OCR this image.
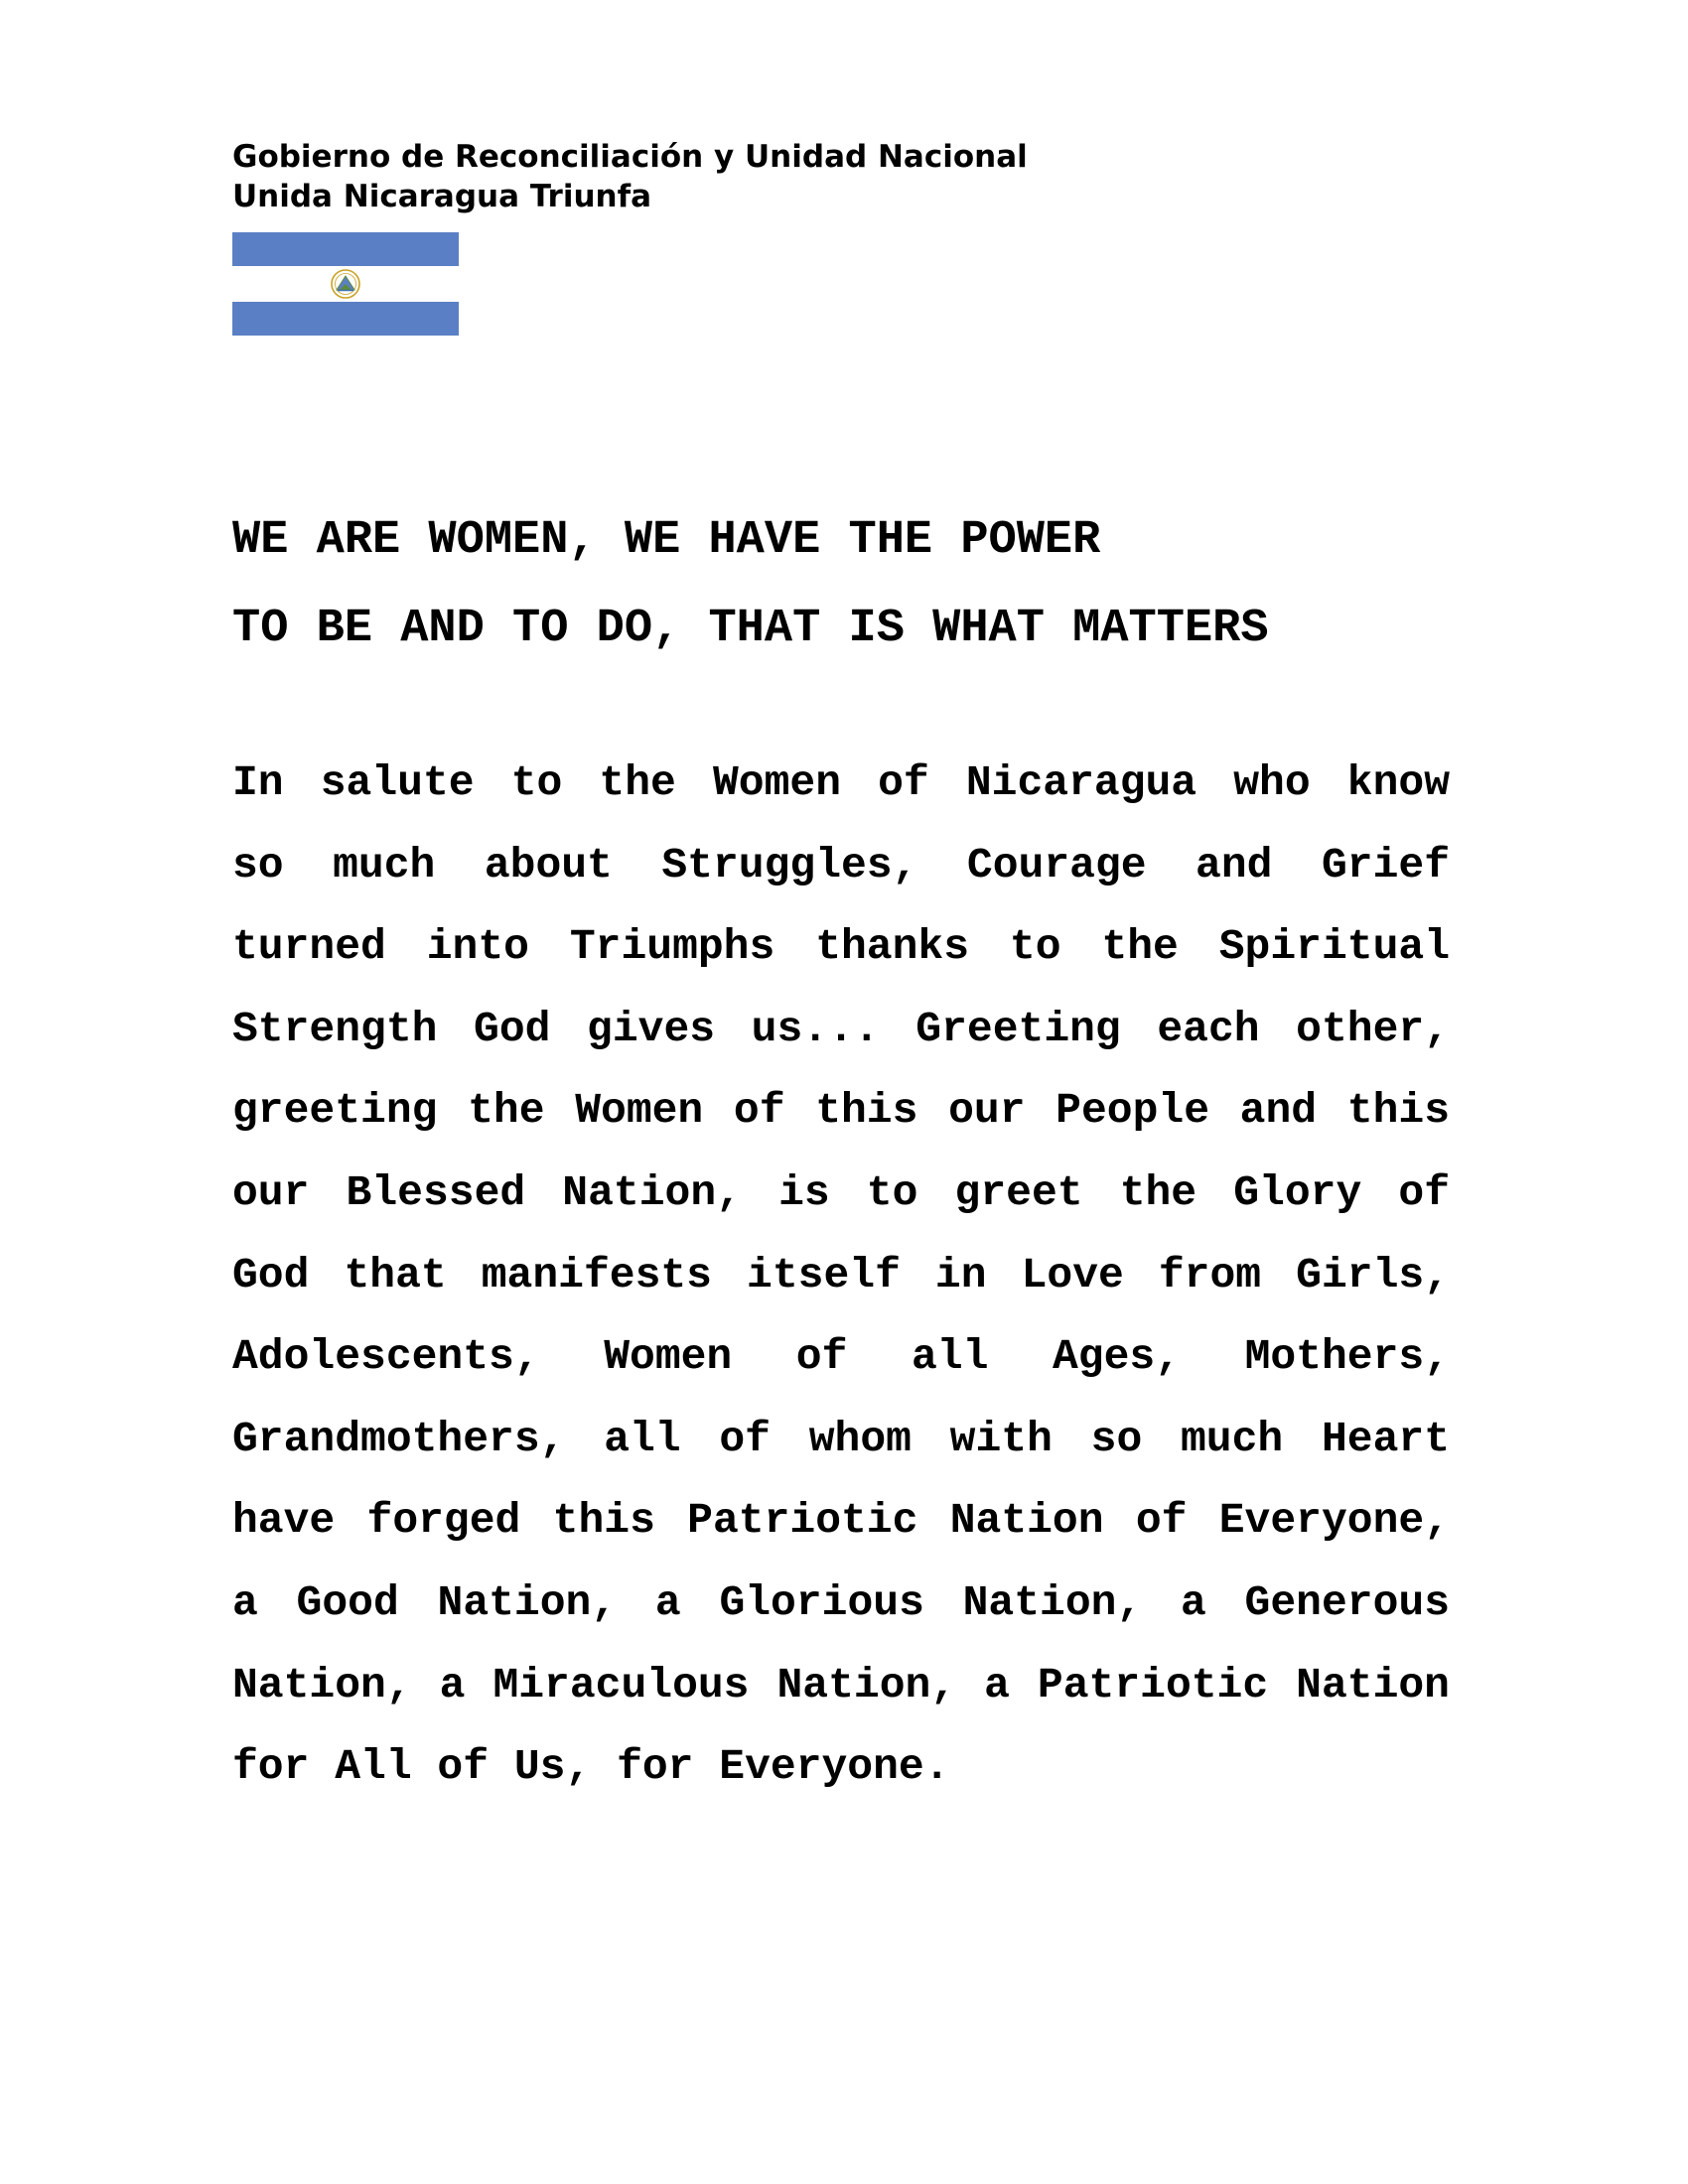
Gobierno de Reconciliación y Unidad Nacional
Unida Nicaragua Triunfa
WE ARE WOMEN, WE HAVE THE POWER
TO BE AND TO DO, THAT IS WHAT MATTERS
In salute to the Women of Nicaragua who know
so much about Struggles, Courage and Grief
turned into Triumphs thanks to the Spiritual
Strength God gives us... Greeting each other,
greeting the Women of this our People and this
our Blessed Nation, is to greet the Glory of
God that manifests itself in Love from Girls,
Adolescents, Women of all Ages, Mothers,
Grandmothers, all of whom with so much Heart
have forged this Patriotic Nation of Everyone,
a Good Nation, a Glorious Nation, a Generous
Nation, a Miraculous Nation, a Patriotic Nation
for All of Us, for Everyone.
